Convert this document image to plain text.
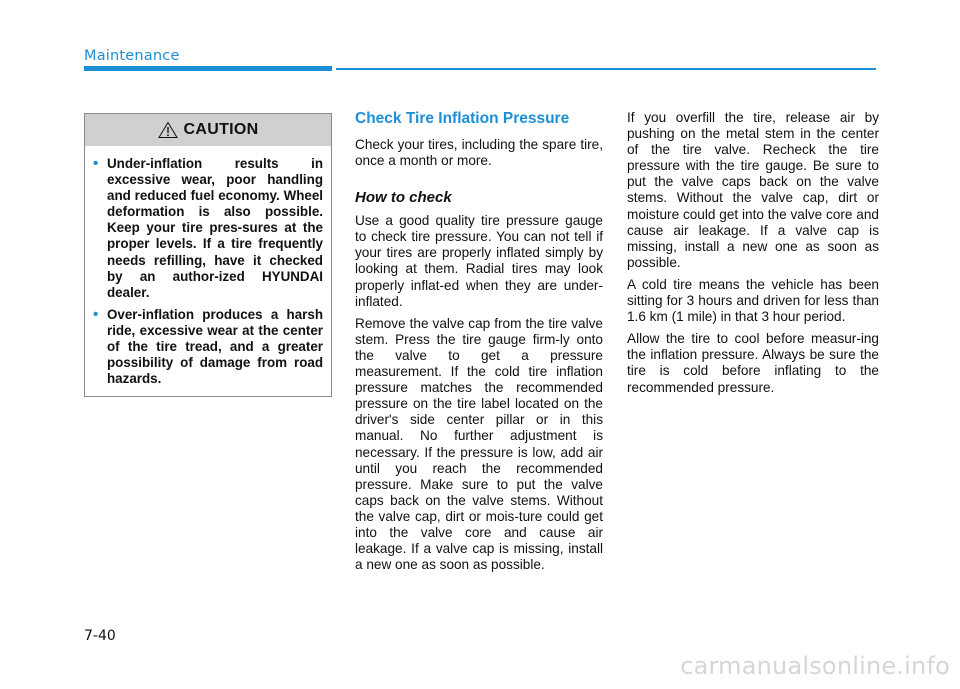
Maintenance
CAUTION
• Under-inflation results in excessive wear, poor handling and reduced fuel economy. Wheel deformation is also possible. Keep your tire pres-sures at the proper levels. If a tire frequently needs refilling, have it checked by an author-ized HYUNDAI dealer.
• Over-inflation produces a harsh ride, excessive wear at the center of the tire tread, and a greater possibility of damage from road hazards.
Check Tire Inflation Pressure

Check your tires, including the spare tire, once a month or more.

How to check

Use a good quality tire pressure gauge to check tire pressure. You can not tell if your tires are properly inflated simply by looking at them. Radial tires may look properly inflat-ed when they are under-inflated.

Remove the valve cap from the tire valve stem. Press the tire gauge firm-ly onto the valve to get a pressure measurement. If the cold tire inflation pressure matches the recommended pressure on the tire label located on the driver's side center pillar or in this manual. No further adjustment is necessary. If the pressure is low, add air until you reach the recommended pressure. Make sure to put the valve caps back on the valve stems. Without the valve cap, dirt or mois-ture could get into the valve core and cause air leakage. If a valve cap is missing, install a new one as soon as possible.

If you overfill the tire, release air by pushing on the metal stem in the center of the tire valve. Recheck the tire pressure with the tire gauge. Be sure to put the valve caps back on the valve stems. Without the valve cap, dirt or moisture could get into the valve core and cause air leakage. If a valve cap is missing, install a new one as soon as possible.

A cold tire means the vehicle has been sitting for 3 hours and driven for less than 1.6 km (1 mile) in that 3 hour period.

Allow the tire to cool before measur-ing the inflation pressure. Always be sure the tire is cold before inflating to the recommended pressure.

7-40
carmanualsonline.info
